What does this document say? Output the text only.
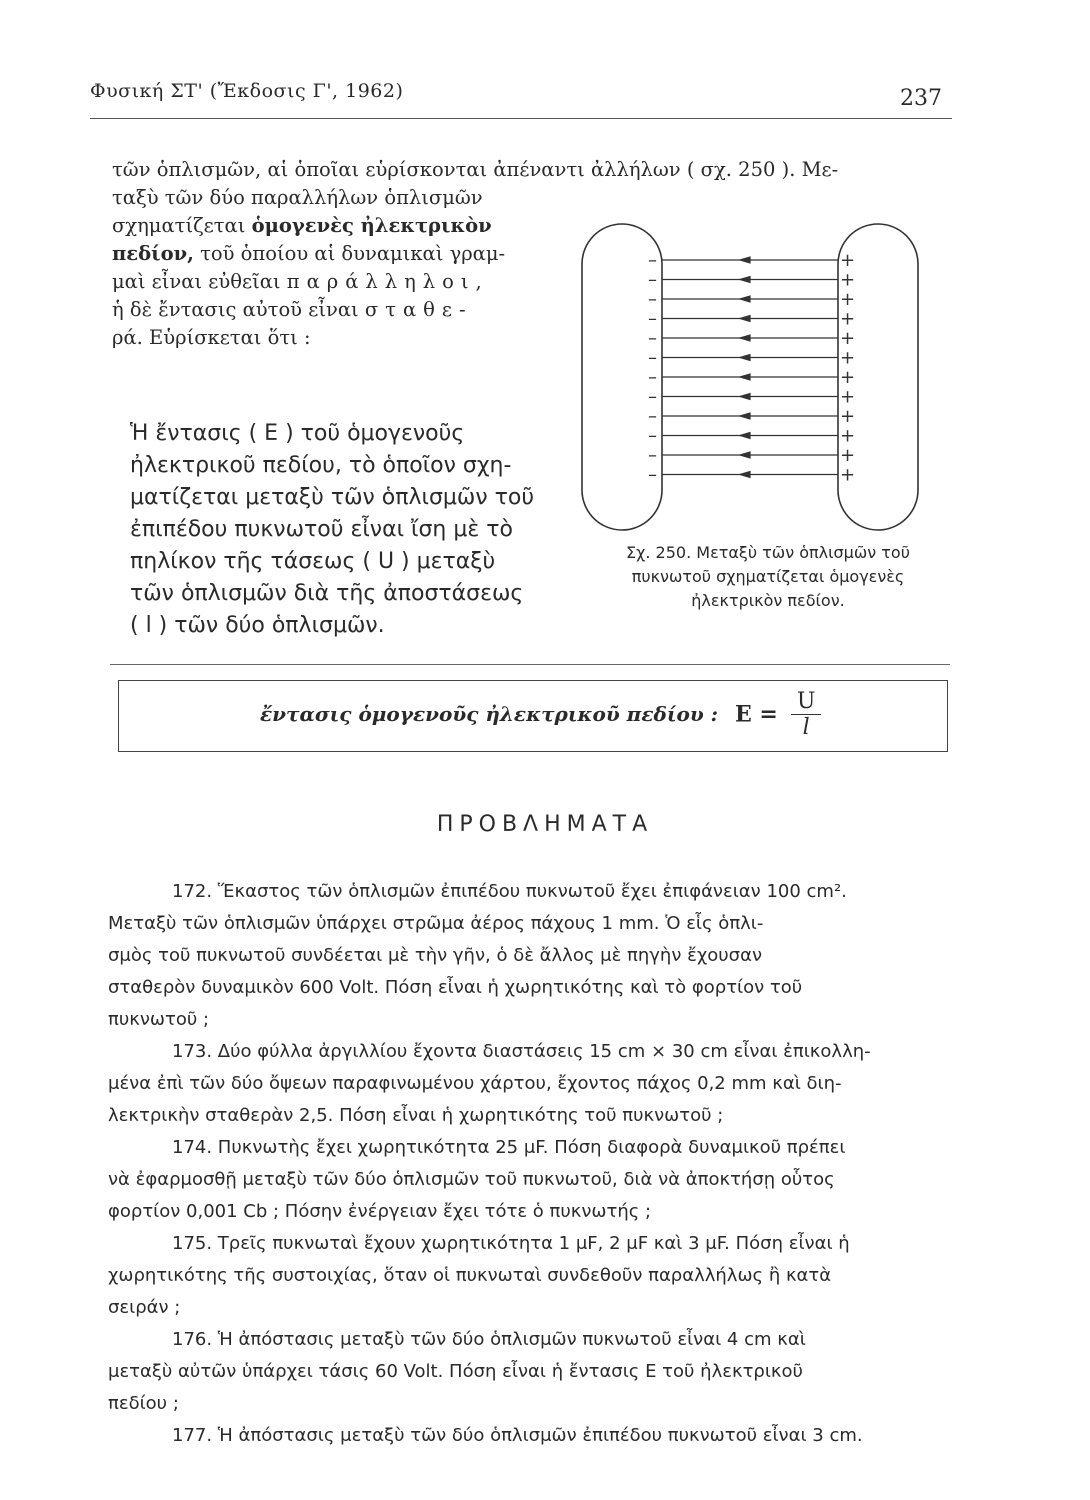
Φυσική ΣΤ' (Ἔκδοσις Γ', 1962)	237
τῶν ὁπλισμῶν, αἱ ὁποῖαι εὑρίσκονται ἀπέναντι ἀλλήλων ( σχ. 250 ). Με-
ταξὺ τῶν δύο παραλλήλων ὁπλισμῶν
σχηματίζεται ὁμογενὲς ἠλεκτρικὸν
πεδίον, τοῦ ὁποίου αἱ δυναμικαὶ γραμ-
μαὶ εἶναι εὐθεῖαι παράλληλοι,
ἡ δὲ ἔντασις αὐτοῦ εἶναι σταθε-
ρά. Εὑρίσκεται ὅτι :
Ἡ ἔντασις ( Ε ) τοῦ ὁμογενοῦς
ἠλεκτρικοῦ πεδίου, τὸ ὁποῖον σχη-
ματίζεται μεταξὺ τῶν ὁπλισμῶν τοῦ
ἐπιπέδου πυκνωτοῦ εἶναι ἴση μὲ τὸ
πηλίκον τῆς τάσεως ( U ) μεταξὺ
τῶν ὁπλισμῶν διὰ τῆς ἀποστάσεως
( l ) τῶν δύο ὁπλισμῶν.
–
–
–
–
–
–
–
–
–
–
–
–
+
+
+
+
+
+
+
+
+
+
+
+
Σχ. 250. Μεταξὺ τῶν ὁπλισμῶν τοῦ
πυκνωτοῦ σχηματίζεται ὁμογενὲς
ἠλεκτρικὸν πεδίον.
ἔντασις ὁμογενοῦς ἠλεκτρικοῦ πεδίου : $E = \frac{U}{l}$
ΠΡΟΒΛΗΜΑΤΑ
172. Ἕκαστος τῶν ὁπλισμῶν ἐπιπέδου πυκνωτοῦ ἔχει ἐπιφάνειαν 100 cm².
Μεταξὺ τῶν ὁπλισμῶν ὑπάρχει στρῶμα ἀέρος πάχους 1 mm. Ὁ εἷς ὁπλι-
σμὸς τοῦ πυκνωτοῦ συνδέεται μὲ τὴν γῆν, ὁ δὲ ἄλλος μὲ πηγὴν ἔχουσαν
σταθερὸν δυναμικὸν 600 Volt. Πόση εἶναι ἡ χωρητικότης καὶ τὸ φορτίον τοῦ
πυκνωτοῦ ;
173. Δύο φύλλα ἀργιλλίου ἔχοντα διαστάσεις 15 cm × 30 cm εἶναι ἐπικολλη-
μένα ἐπὶ τῶν δύο ὄψεων παραφινωμένου χάρτου, ἔχοντος πάχος 0,2 mm καὶ διη-
λεκτρικὴν σταθερὰν 2,5. Πόση εἶναι ἡ χωρητικότης τοῦ πυκνωτοῦ ;
174. Πυκνωτὴς ἔχει χωρητικότητα 25 μF. Πόση διαφορὰ δυναμικοῦ πρέπει
νὰ ἐφαρμοσθῇ μεταξὺ τῶν δύο ὁπλισμῶν τοῦ πυκνωτοῦ, διὰ νὰ ἀποκτήσῃ οὗτος
φορτίον 0,001 Cb ; Πόσην ἐνέργειαν ἔχει τότε ὁ πυκνωτής ;
175. Τρεῖς πυκνωταὶ ἔχουν χωρητικότητα 1 μF, 2 μF καὶ 3 μF. Πόση εἶναι ἡ
χωρητικότης τῆς συστοιχίας, ὅταν οἱ πυκνωταὶ συνδεθοῦν παραλλήλως ἢ κατὰ
σειράν ;
176. Ἡ ἀπόστασις μεταξὺ τῶν δύο ὁπλισμῶν πυκνωτοῦ εἶναι 4 cm καὶ
μεταξὺ αὐτῶν ὑπάρχει τάσις 60 Volt. Πόση εἶναι ἡ ἔντασις Ε τοῦ ἠλεκτρικοῦ
πεδίου ;
177. Ἡ ἀπόστασις μεταξὺ τῶν δύο ὁπλισμῶν ἐπιπέδου πυκνωτοῦ εἶναι 3 cm.
